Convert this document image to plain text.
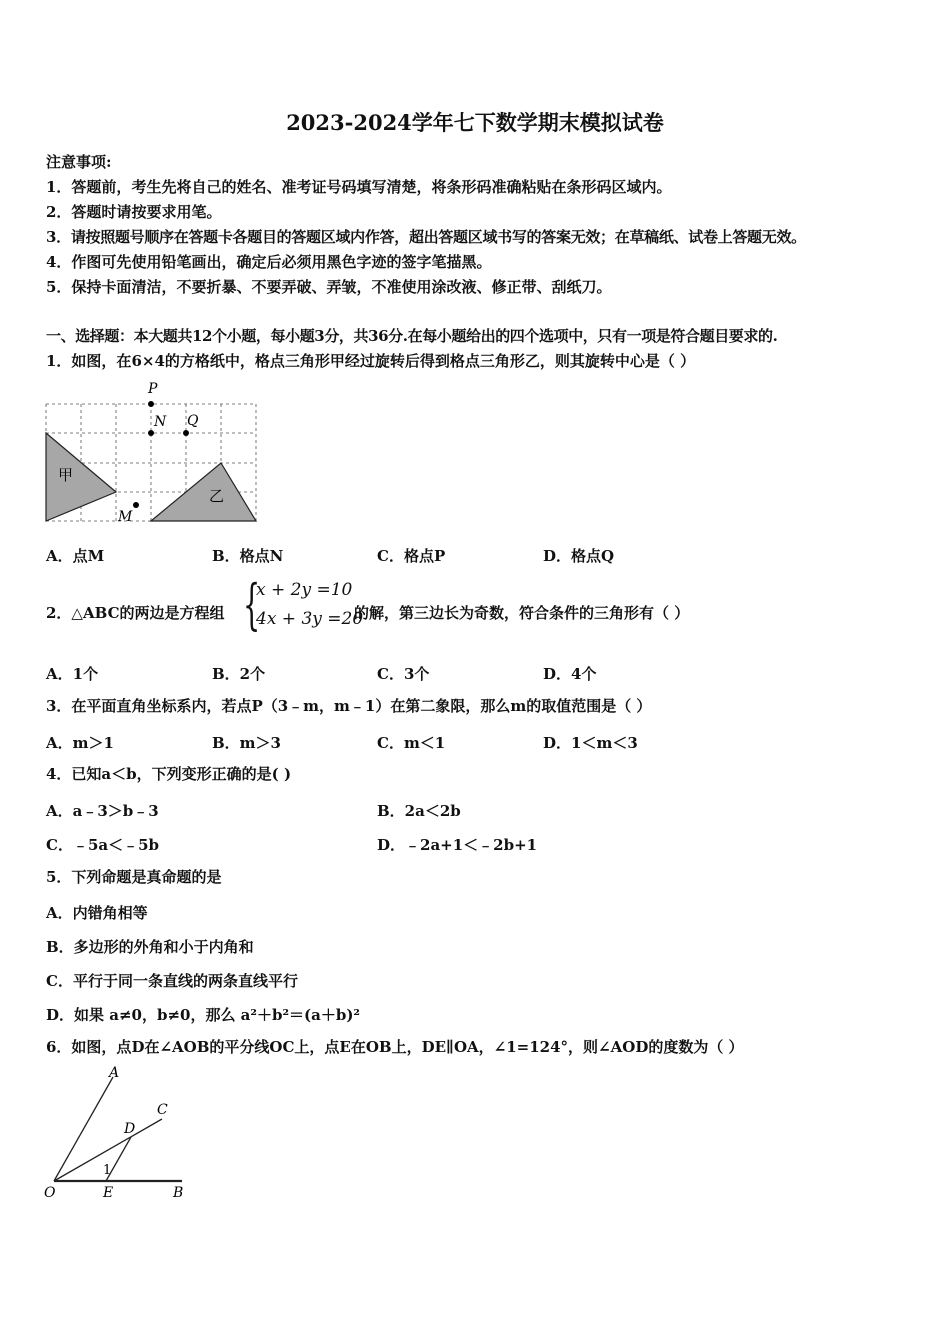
2023-2024学年七下数学期末模拟试卷
注意事项:
1．答题前，考生先将自己的姓名、准考证号码填写清楚，将条形码准确粘贴在条形码区域内。
2．答题时请按要求用笔。
3．请按照题号顺序在答题卡各题目的答题区域内作答，超出答题区域书写的答案无效；在草稿纸、试卷上答题无效。
4．作图可先使用铅笔画出，确定后必须用黑色字迹的签字笔描黑。
5．保持卡面清洁，不要折暴、不要弄破、弄皱，不准使用涂改液、修正带、刮纸刀。
一、选择题：本大题共12个小题，每小题3分，共36分.在每小题给出的四个选项中，只有一项是符合题目要求的.
1．如图，在6×4的方格纸中，格点三角形甲经过旋转后得到格点三角形乙，则其旋转中心是（ ）
P
N Q
M
甲
乙
A．点M	B．格点N	C．格点P	D．格点Q
2．△ABC的两边是方程组 {
x + 2y =10
4x + 3y =20
的解，第三边长为奇数，符合条件的三角形有（ ）
A．1个	B．2个	C．3个	D．4个
3．在平面直角坐标系内，若点P（3﹣m，m﹣1）在第二象限，那么m的取值范围是（ ）
A．m＞1	B．m＞3	C．m＜1	D．1＜m＜3
4．已知a＜b，下列变形正确的是( )
A．a﹣3＞b﹣3	B．2a＜2b
C．﹣5a＜﹣5b	D．﹣2a+1＜﹣2b+1
5．下列命题是真命题的是
A．内错角相等
B．多边形的外角和小于内角和
C．平行于同一条直线的两条直线平行
D．如果 a≠0，b≠0，那么 a²＋b²＝(a＋b)²
6．如图，点D在∠AOB的平分线OC上，点E在OB上，DE∥OA，∠1=124°，则∠AOD的度数为（ ）
A
C
D
1
O	E	B
